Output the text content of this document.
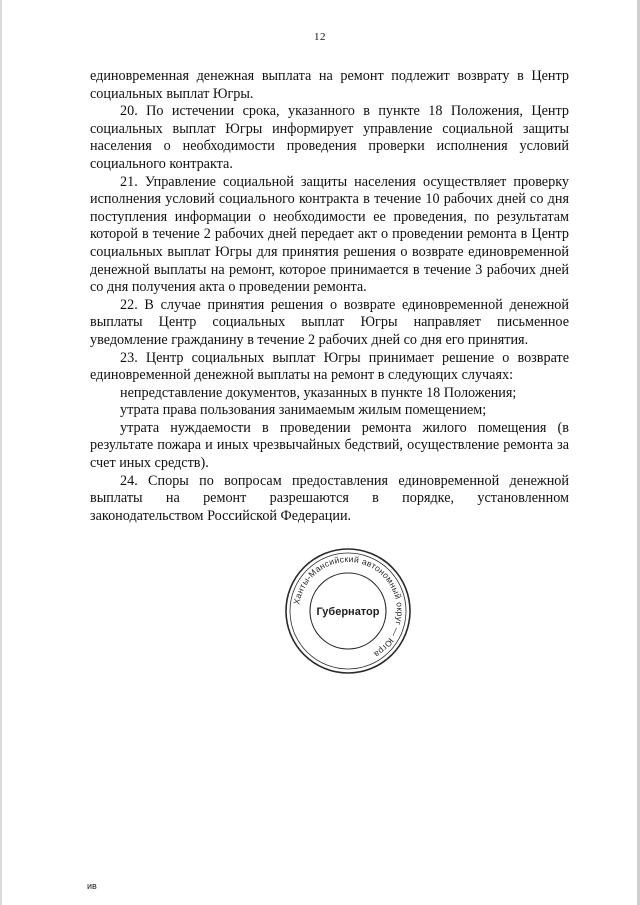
12

единовременная денежная выплата на ремонт подлежит возврату в Центр социальных выплат Югры.

20. По истечении срока, указанного в пункте 18 Положения, Центр социальных выплат Югры информирует управление социальной защиты населения о необходимости проведения проверки исполнения условий социального контракта.

21. Управление социальной защиты населения осуществляет проверку исполнения условий социального контракта в течение 10 рабочих дней со дня поступления информации о необходимости ее проведения, по результатам которой в течение 2 рабочих дней передает акт о проведении ремонта в Центр социальных выплат Югры для принятия решения о возврате единовременной денежной выплаты на ремонт, которое принимается в течение 3 рабочих дней со дня получения акта о проведении ремонта.

22. В случае принятия решения о возврате единовременной денежной выплаты Центр социальных выплат Югры направляет письменное уведомление гражданину в течение 2 рабочих дней со дня его принятия.

23. Центр социальных выплат Югры принимает решение о возврате единовременной денежной выплаты на ремонт в следующих случаях:

непредставление документов, указанных в пункте 18 Положения;

утрата права пользования занимаемым жилым помещением;

утрата нуждаемости в проведении ремонта жилого помещения (в результате пожара и иных чрезвычайных бедствий, осуществление ремонта за счет иных средств).

24. Споры по вопросам предоставления единовременной денежной выплаты на ремонт разрешаются в порядке, установленном

законодательством Российской Федерации.

Ханты-Мансийский автономный округ — Югра
Губернатор
ив
